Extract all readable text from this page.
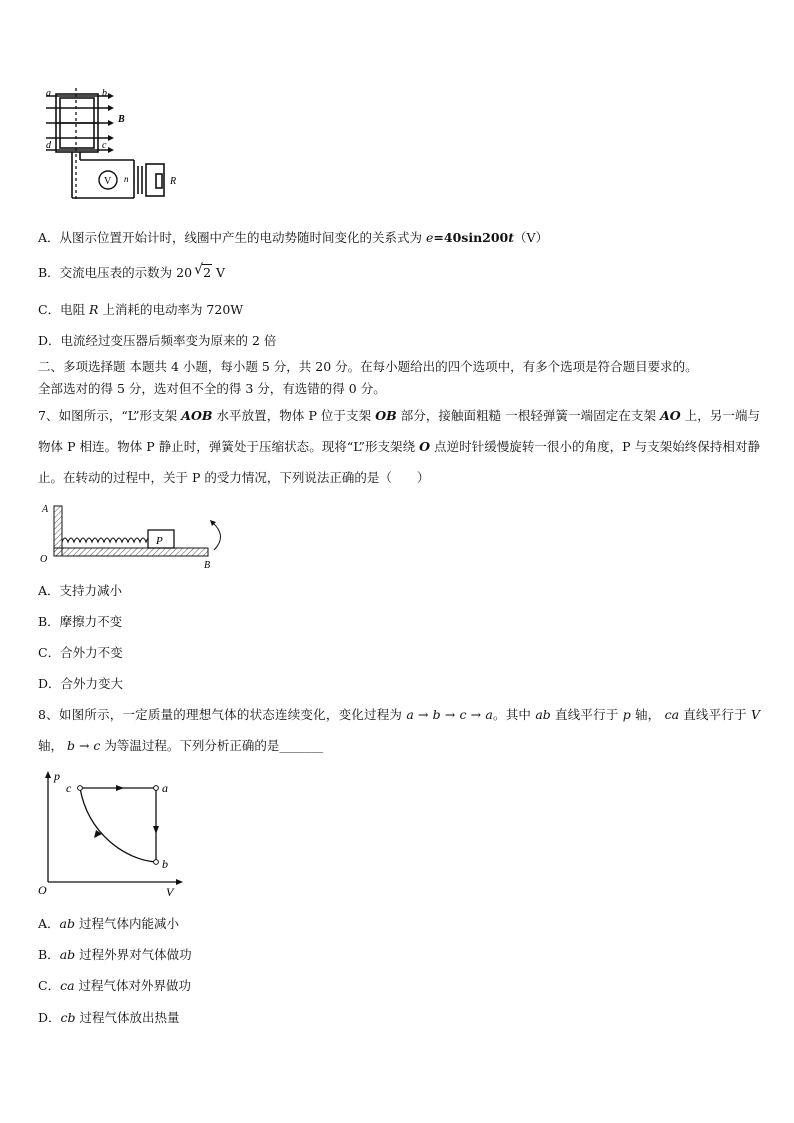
V
a	b
B
d	c
n	R
A．从图示位置开始计时，线圈中产生的电动势随时间变化的关系式为 e=40sin200t（V）
B．交流电压表的示数为 20 √ 2 V
C．电阻 R 上消耗的电动率为 720W
D．电流经过变压器后频率变为原来的 2 倍
二、多项选择题 本题共 4 小题，每小题 5 分，共 20 分。在每小题给出的四个选项中，有多个选项是符合题目要求的。
全部选对的得 5 分，选对但不全的得 3 分，有选错的得 0 分。
7、如图所示，“L”形支架 AOB 水平放置，物体 P 位于支架 OB 部分，接触面粗糙 一根轻弹簧一端固定在支架 AO 上，另一端与物体 P 相连。物体 P 静止时，弹簧处于压缩状态。现将“L”形支架绕 O 点逆时针缓慢旋转一很小的角度，P 与支架始终保持相对静止。在转动的过程中，关于 P 的受力情况，下列说法正确的是（　　）
A
O
B
P
A．支持力减小
B．摩擦力不变
C．合外力不变
D．合外力变大
8、如图所示，一定质量的理想气体的状态连续变化，变化过程为 a → b → c → a。其中 ab 直线平行于 p 轴， ca 直线平行于 V 轴， b → c 为等温过程。下列分析正确的是_______
p
V
O
a
b
c
A．ab 过程气体内能减小
B．ab 过程外界对气体做功
C．ca 过程气体对外界做功
D．cb 过程气体放出热量
